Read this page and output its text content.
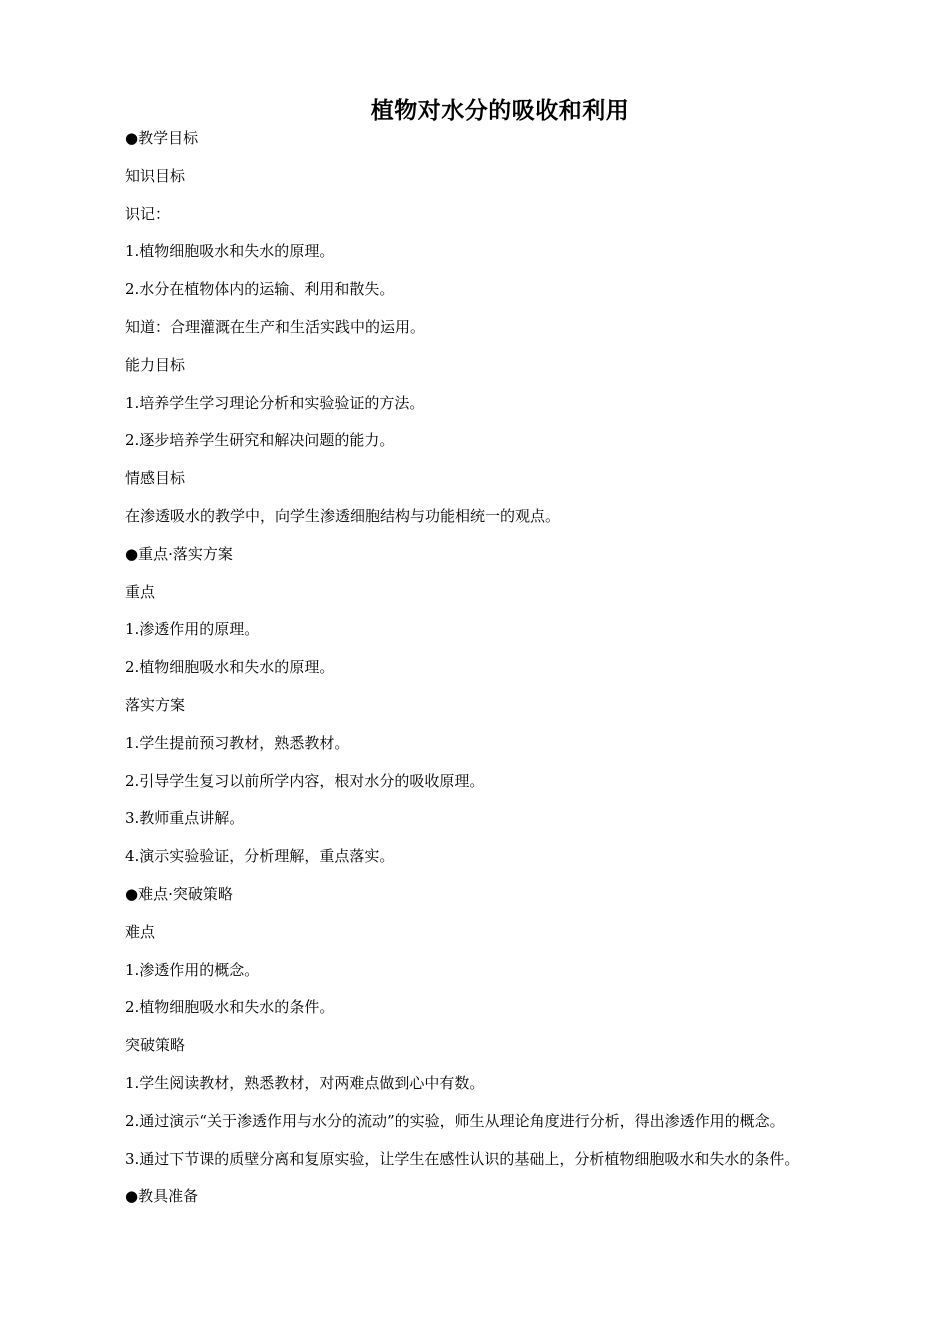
植物对水分的吸收和利用
●教学目标
知识目标
识记：
1.植物细胞吸水和失水的原理。
2.水分在植物体内的运输、利用和散失。
知道：合理灌溉在生产和生活实践中的运用。
能力目标
1.培养学生学习理论分析和实验验证的方法。
2.逐步培养学生研究和解决问题的能力。
情感目标
在渗透吸水的教学中，向学生渗透细胞结构与功能相统一的观点。
●重点·落实方案
重点
1.渗透作用的原理。
2.植物细胞吸水和失水的原理。
落实方案
1.学生提前预习教材，熟悉教材。
2.引导学生复习以前所学内容，根对水分的吸收原理。
3.教师重点讲解。
4.演示实验验证，分析理解，重点落实。
●难点·突破策略
难点
1.渗透作用的概念。
2.植物细胞吸水和失水的条件。
突破策略
1.学生阅读教材，熟悉教材，对两难点做到心中有数。
2.通过演示“关于渗透作用与水分的流动”的实验，师生从理论角度进行分析，得出渗透作用的概念。
3.通过下节课的质壁分离和复原实验，让学生在感性认识的基础上，分析植物细胞吸水和失水的条件。
●教具准备
